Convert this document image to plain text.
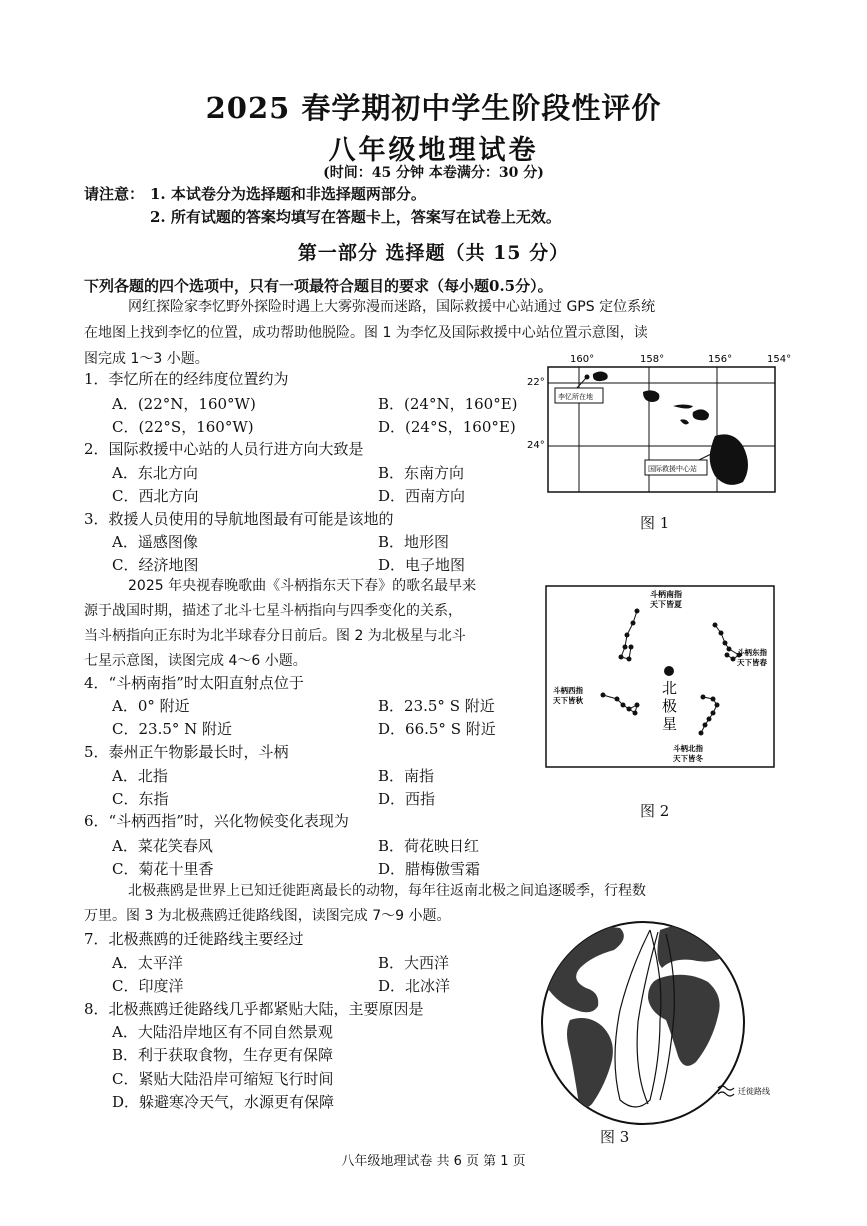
2025 春学期初中学生阶段性评价
八年级地理试卷
(时间：45 分钟 本卷满分：30 分)
请注意： 1. 本试卷分为选择题和非选择题两部分。
2. 所有试题的答案均填写在答题卡上，答案写在试卷上无效。
第一部分 选择题（共 15 分）
下列各题的四个选项中，只有一项最符合题目的要求（每小题0.5分）。
网红探险家李忆野外探险时遇上大雾弥漫而迷路，国际救援中心站通过 GPS 定位系统
在地图上找到李忆的位置，成功帮助他脱险。图 1 为李忆及国际救援中心站位置示意图，读
图完成 1～3 小题。
1．李忆所在的经纬度位置约为
A．(22°N，160°W)	B．(24°N，160°E)
C．(22°S，160°W)	D．(24°S，160°E)
2．国际救援中心站的人员行进方向大致是
A．东北方向	B．东南方向
C．西北方向	D．西南方向
3．救援人员使用的导航地图最有可能是该地的
A．遥感图像	B．地形图
C．经济地图	D．电子地图
160°	158°	156°	154°
22°
24°
李忆所在地
国际救援中心站
图 1
2025 年央视春晚歌曲《斗柄指东天下春》的歌名最早来
源于战国时期，描述了北斗七星斗柄指向与四季变化的关系，
当斗柄指向正东时为北半球春分日前后。图 2 为北极星与北斗
七星示意图，读图完成 4～6 小题。
4．“斗柄南指”时太阳直射点位于
A．0° 附近	B．23.5° S 附近
C．23.5° N 附近	D．66.5° S 附近
5．泰州正午物影最长时，斗柄
A．北指	B．南指
C．东指	D．西指
6．“斗柄西指”时，兴化物候变化表现为
A．菜花笑春风	B．荷花映日红
C．菊花十里香	D．腊梅傲雪霜
斗柄南指
天下皆夏
斗柄东指
天下皆春
斗柄西指
天下皆秋
斗柄北指
天下皆冬
北
极
星
图 2
北极燕鸥是世界上已知迁徙距离最长的动物，每年往返南北极之间追逐暖季，行程数
万里。图 3 为北极燕鸥迁徙路线图，读图完成 7～9 小题。
7．北极燕鸥的迁徙路线主要经过
A．太平洋	B．大西洋
C．印度洋	D．北冰洋
8．北极燕鸥迁徙路线几乎都紧贴大陆，主要原因是
A．大陆沿岸地区有不同自然景观
B．利于获取食物，生存更有保障
C．紧贴大陆沿岸可缩短飞行时间
D．躲避寒冷天气，水源更有保障
迁徙路线
图 3
八年级地理试卷 共 6 页 第 1 页
